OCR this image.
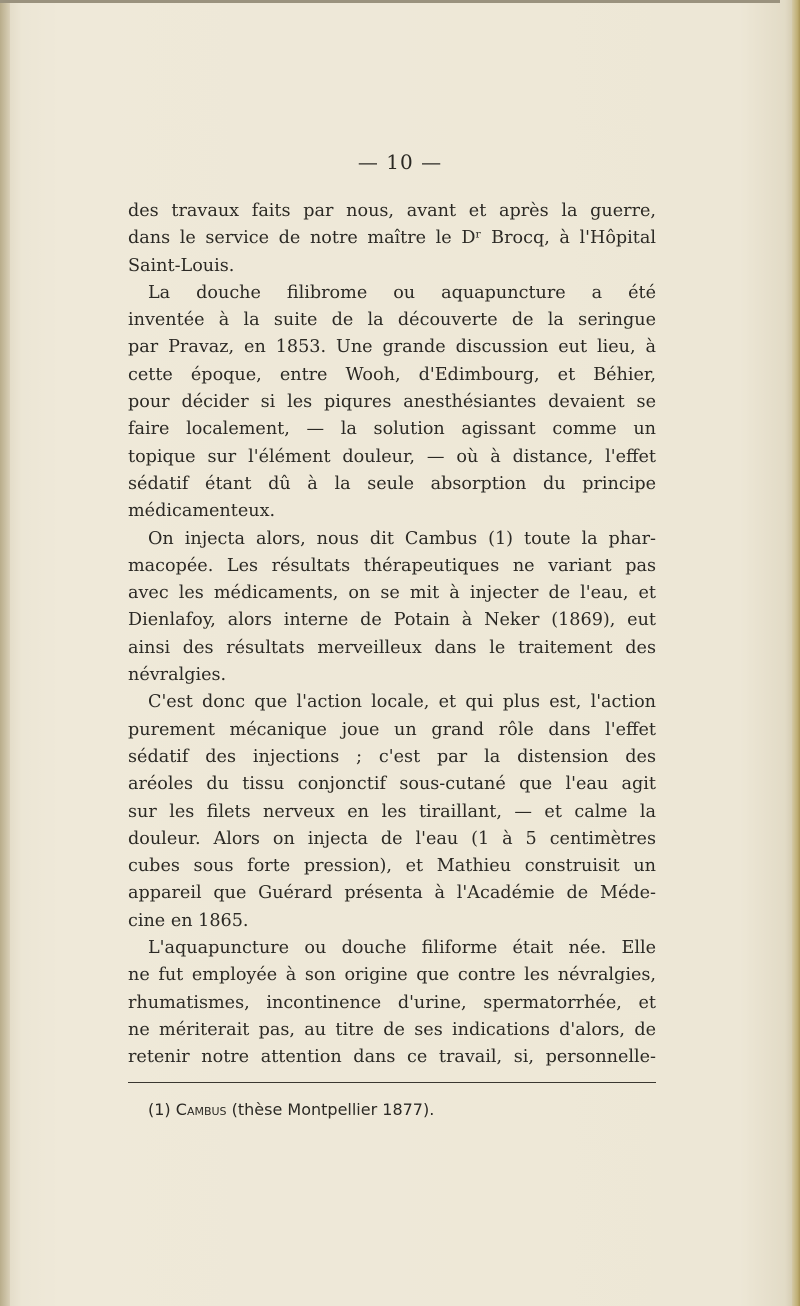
— 10 —
des travaux faits par nous, avant et après la guerre,
dans le service de notre maître le Dʳ Brocq, à l'Hôpital
Saint-Louis.
La douche filibrome ou aquapuncture a été
inventée à la suite de la découverte de la seringue
par Pravaz, en 1853. Une grande discussion eut lieu, à
cette époque, entre Wooh, d'Edimbourg, et Béhier,
pour décider si les piqures anesthésiantes devaient se
faire localement, — la solution agissant comme un
topique sur l'élément douleur, — où à distance, l'effet
sédatif étant dû à la seule absorption du principe
médicamenteux.
On injecta alors, nous dit Cambus (1) toute la phar-
macopée. Les résultats thérapeutiques ne variant pas
avec les médicaments, on se mit à injecter de l'eau, et
Dienlafoy, alors interne de Potain à Neker (1869), eut
ainsi des résultats merveilleux dans le traitement des
névralgies.
C'est donc que l'action locale, et qui plus est, l'action
purement mécanique joue un grand rôle dans l'effet
sédatif des injections ; c'est par la distension des
aréoles du tissu conjonctif sous-cutané que l'eau agit
sur les filets nerveux en les tiraillant, — et calme la
douleur. Alors on injecta de l'eau (1 à 5 centimètres
cubes sous forte pression), et Mathieu construisit un
appareil que Guérard présenta à l'Académie de Méde-
cine en 1865.
L'aquapuncture ou douche filiforme était née. Elle
ne fut employée à son origine que contre les névralgies,
rhumatismes, incontinence d'urine, spermatorrhée, et
ne mériterait pas, au titre de ses indications d'alors, de
retenir notre attention dans ce travail, si, personnelle-
(1) Cambus (thèse Montpellier 1877).
